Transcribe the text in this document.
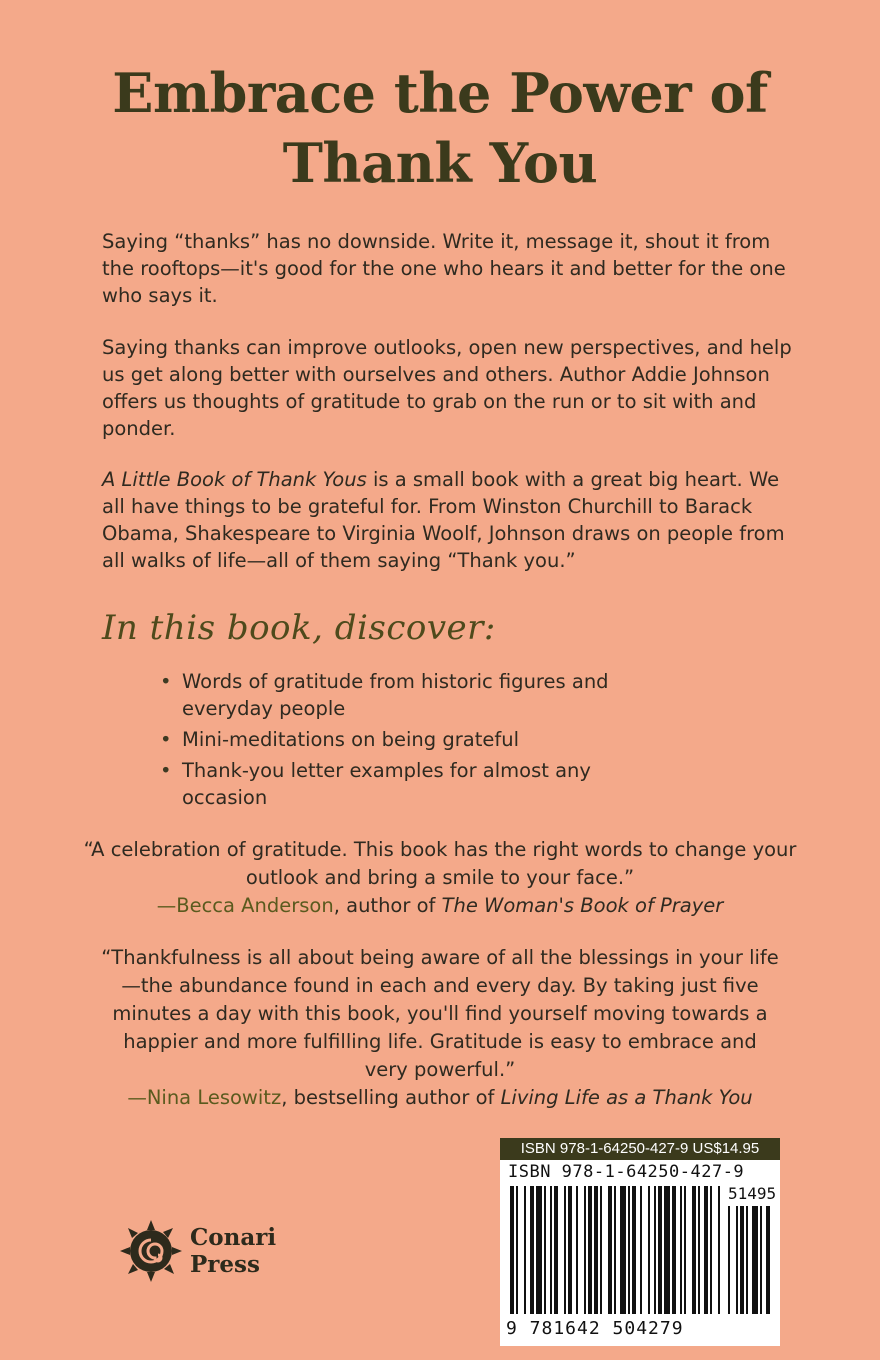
Embrace the Power of
Thank You

Saying “thanks” has no downside. Write it, message it, shout it from the rooftops—it's good for the one who hears it and better for the one who says it.

Saying thanks can improve outlooks, open new perspectives, and help us get along better with ourselves and others. Author Addie Johnson offers us thoughts of gratitude to grab on the run or to sit with and ponder.

A Little Book of Thank Yous is a small book with a great big heart. We all have things to be grateful for. From Winston Churchill to Barack Obama, Shakespeare to Virginia Woolf, Johnson draws on people from all walks of life—all of them saying “Thank you.”

In this book, discover:
• Words of gratitude from historic figures and everyday people
• Mini-meditations on being grateful
• Thank-you letter examples for almost any occasion
“A celebration of gratitude. This book has the right words to change your outlook and bring a smile to your face.”
—Becca Anderson, author of The Woman's Book of Prayer
“Thankfulness is all about being aware of all the blessings in your life—the abundance found in each and every day. By taking just five minutes a day with this book, you'll find yourself moving towards a happier and more fulfilling life. Gratitude is easy to embrace and very powerful.”
—Nina Lesowitz, bestselling author of Living Life as a Thank You
Conari
Press
ISBN 978-1-64250-427-9 US$14.95
ISBN 978-1-64250-427-9
51495
9 781642 504279
